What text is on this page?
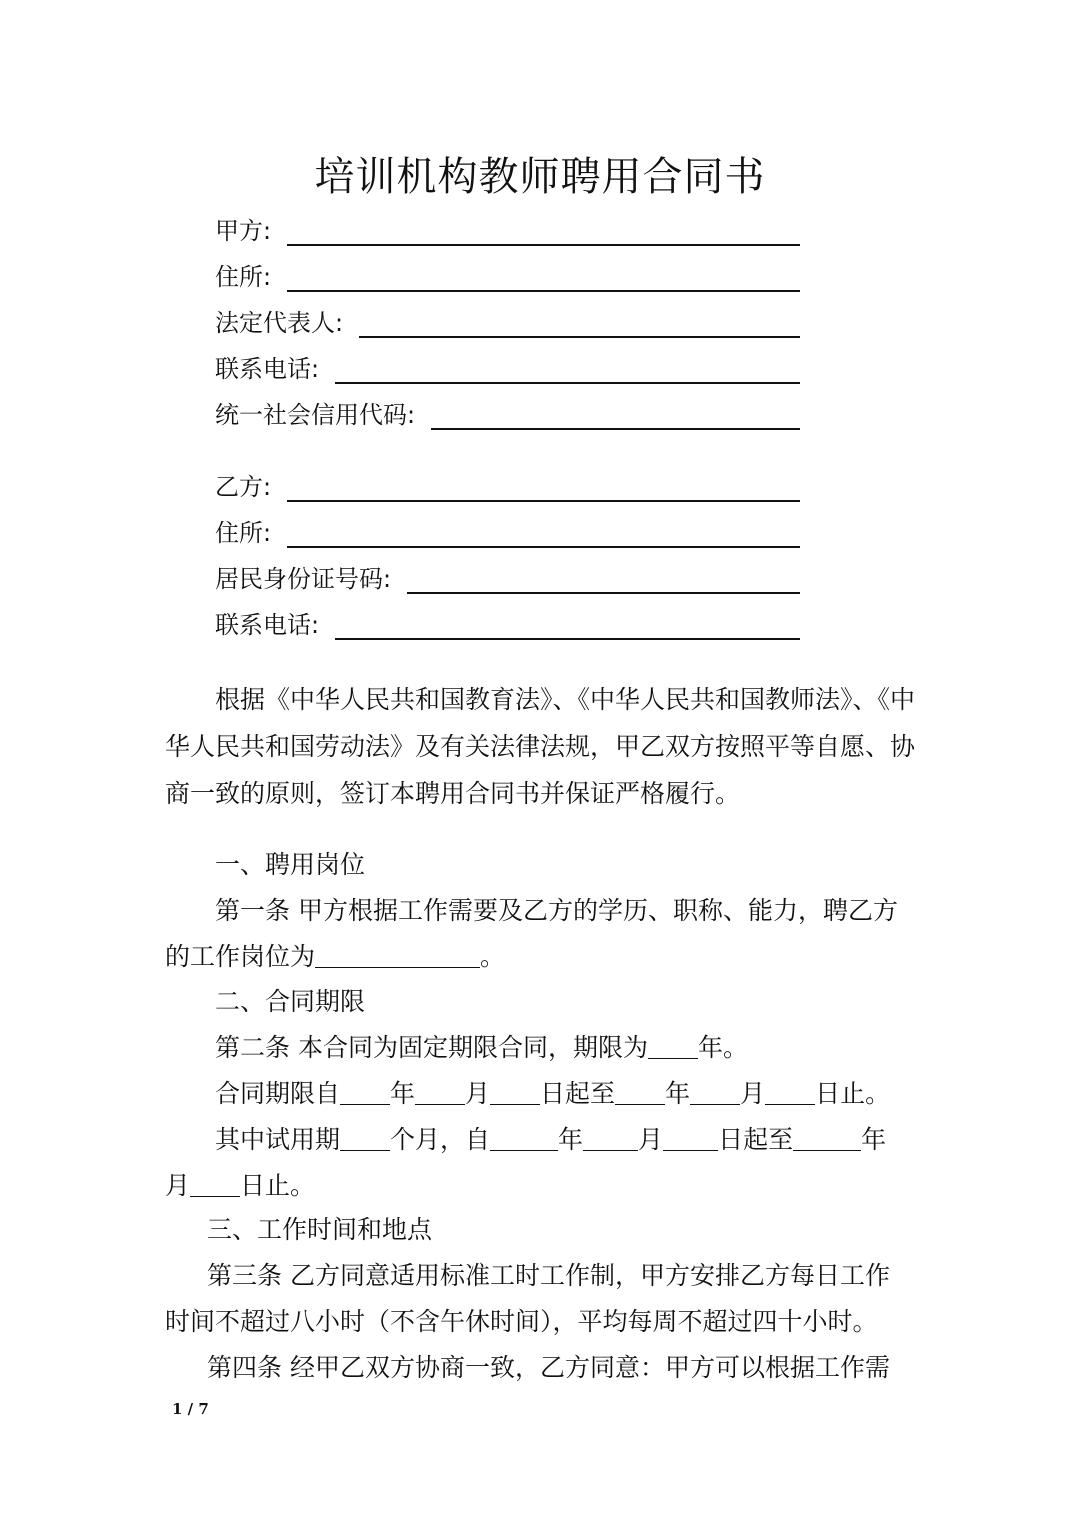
培训机构教师聘用合同书
甲方:
住所:
法定代表人:
联系电话:
统一社会信用代码:
乙方:
住所:
居民身份证号码:
联系电话:
根据《中华人民共和国教育法》、《中华人民共和国教师法》、《中
华人民共和国劳动法》及有关法律法规，甲乙双方按照平等自愿、协
商一致的原则，签订本聘用合同书并保证严格履行。
一、聘用岗位
第一条 甲方根据工作需要及乙方的学历、职称、能力，聘乙方
的工作岗位为	。
二、合同期限
第二条 本合同为固定期限合同，期限为 年。
合同期限自 年 月 日起至 年 月 日止。
其中试用期 个月，自	年 月 日起至	年
月 日止。
三、工作时间和地点
第三条 乙方同意适用标准工时工作制，甲方安排乙方每日工作
时间不超过八小时（不含午休时间），平均每周不超过四十小时。
第四条 经甲乙双方协商一致，乙方同意：甲方可以根据工作需
1 / 7
